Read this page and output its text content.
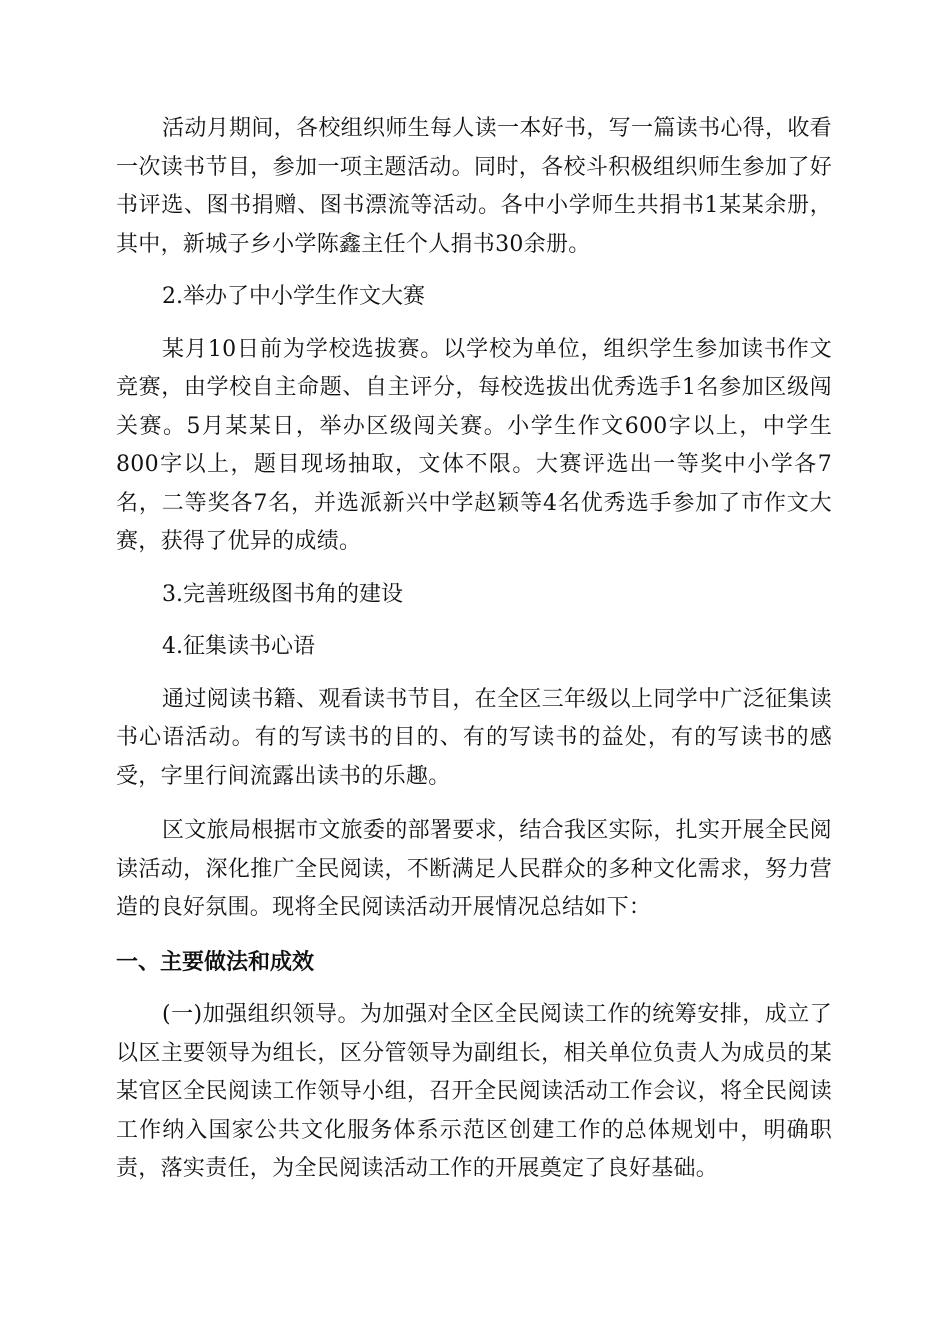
活动月期间，各校组织师生每人读一本好书，写一篇读书心得，收看一次读书节目，参加一项主题活动。同时，各校斗积极组织师生参加了好书评选、图书捐赠、图书漂流等活动。各中小学师生共捐书1某某余册，其中，新城子乡小学陈鑫主任个人捐书30余册。

2.举办了中小学生作文大赛

某月10日前为学校选拔赛。以学校为单位，组织学生参加读书作文竞赛，由学校自主命题、自主评分，每校选拔出优秀选手1名参加区级闯关赛。5月某某日，举办区级闯关赛。小学生作文600字以上，中学生800字以上，题目现场抽取，文体不限。大赛评选出一等奖中小学各7名，二等奖各7名，并选派新兴中学赵颖等4名优秀选手参加了市作文大赛，获得了优异的成绩。

3.完善班级图书角的建设

4.征集读书心语

通过阅读书籍、观看读书节目，在全区三年级以上同学中广泛征集读书心语活动。有的写读书的目的、有的写读书的益处，有的写读书的感受，字里行间流露出读书的乐趣。

区文旅局根据市文旅委的部署要求，结合我区实际，扎实开展全民阅读活动，深化推广全民阅读，不断满足人民群众的多种文化需求，努力营造的良好氛围。现将全民阅读活动开展情况总结如下：

一、主要做法和成效

(一)加强组织领导。为加强对全区全民阅读工作的统筹安排，成立了以区主要领导为组长，区分管领导为副组长，相关单位负责人为成员的某某官区全民阅读工作领导小组，召开全民阅读活动工作会议，将全民阅读工作纳入国家公共文化服务体系示范区创建工作的总体规划中，明确职责，落实责任，为全民阅读活动工作的开展奠定了良好基础。
